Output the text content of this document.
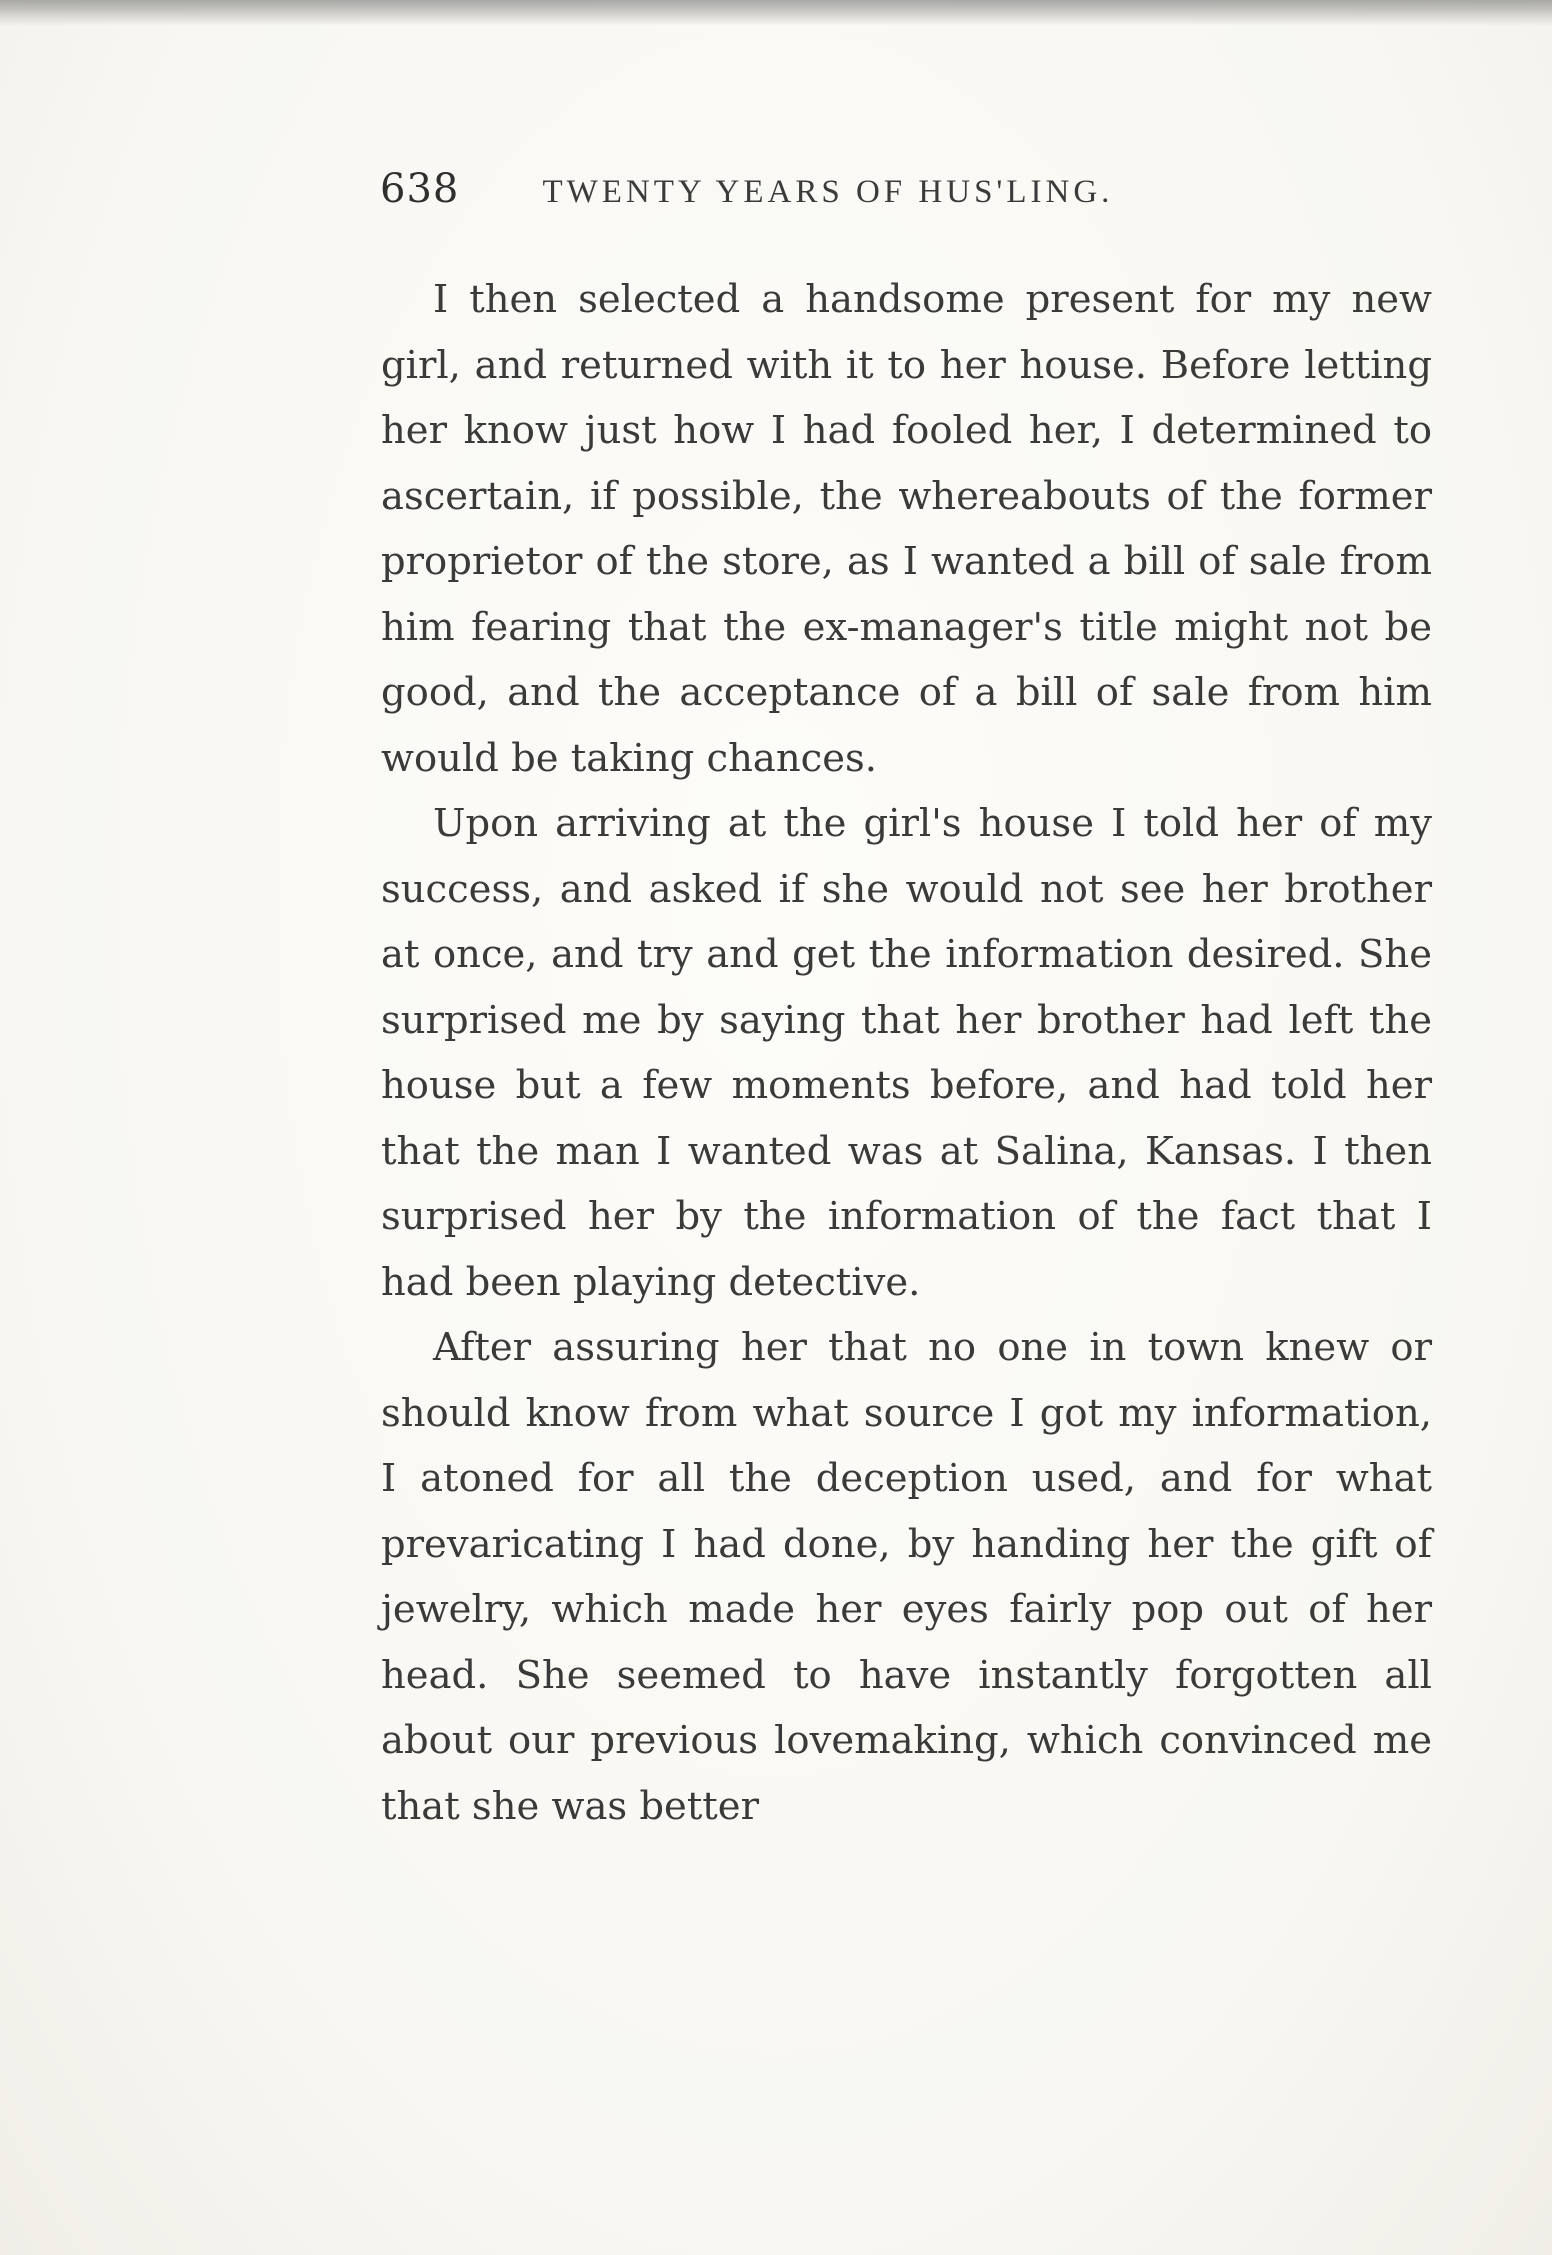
638	TWENTY YEARS OF HUS'LING.

I then selected a handsome present for my new girl, and returned with it to her house. Before letting her know just how I had fooled her, I determined to ascertain, if possible, the whereabouts of the former proprietor of the store, as I wanted a bill of sale from him fearing that the ex-manager's title might not be good, and the acceptance of a bill of sale from him would be taking chances.

Upon arriving at the girl's house I told her of my success, and asked if she would not see her brother at once, and try and get the information desired. She surprised me by saying that her brother had left the house but a few moments before, and had told her that the man I wanted was at Salina, Kansas. I then surprised her by the information of the fact that I had been playing detective.

After assuring her that no one in town knew or should know from what source I got my information, I atoned for all the deception used, and for what prevaricating I had done, by handing her the gift of jewelry, which made her eyes fairly pop out of her head. She seemed to have instantly forgotten all about our previous lovemaking, which convinced me that she was better
